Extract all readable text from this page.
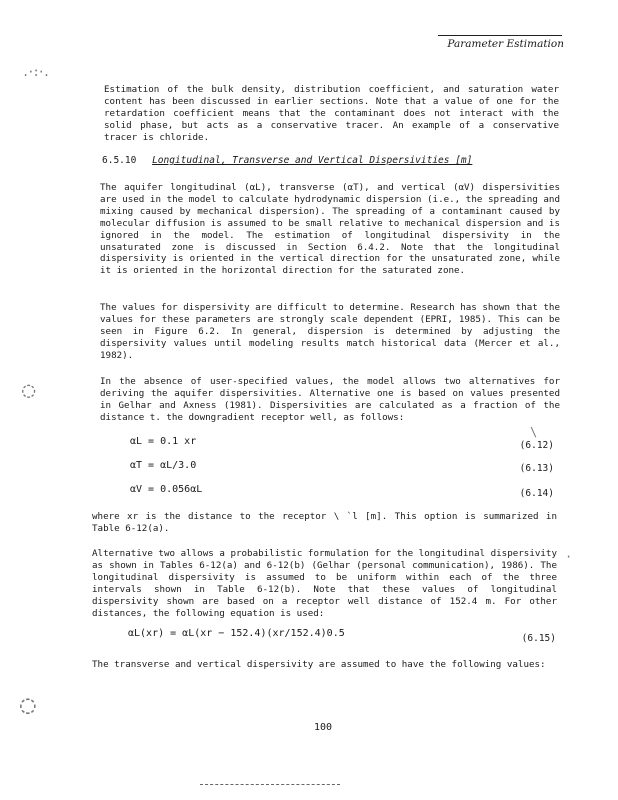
Parameter Estimation

Estimation of the bulk density, distribution coefficient, and saturation water content has been discussed in earlier sections. Note that a value of one for the retardation coefficient means that the contaminant does not interact with the solid phase, but acts as a conservative tracer. An example of a conservative tracer is chloride.

6.5.10 Longitudinal, Transverse and Vertical Dispersivities [m]

The aquifer longitudinal (αL), transverse (αT), and vertical (αV) dispersivities are used in the model to calculate hydrodynamic dispersion (i.e., the spreading and mixing caused by mechanical dispersion). The spreading of a contaminant caused by molecular diffusion is assumed to be small relative to mechanical dispersion and is ignored in the model. The estimation of longitudinal dispersivity in the unsaturated zone is discussed in Section 6.4.2. Note that the longitudinal dispersivity is oriented in the vertical direction for the unsaturated zone, while it is oriented in the horizontal direction for the saturated zone.

The values for dispersivity are difficult to determine. Research has shown that the values for these parameters are strongly scale dependent (EPRI, 1985). This can be seen in Figure 6.2. In general, dispersion is determined by adjusting the dispersivity values until modeling results match historical data (Mercer et al., 1982).

In the absence of user-specified values, the model allows two alternatives for deriving the aquifer dispersivities. Alternative one is based on values presented in Gelhar and Axness (1981). Dispersivities are calculated as a fraction of the distance t. the downgradient receptor well, as follows:

αL = 0.1 xr	(6.12)
αT = αL/3.0	(6.13)
αV = 0.056αL	(6.14)

where xr is the distance to the receptor \ `l [m]. This option is summarized in Table 6-12(a).

Alternative two allows a probabilistic formulation for the longitudinal dispersivity as shown in Tables 6-12(a) and 6-12(b) (Gelhar (personal communication), 1986). The longitudinal dispersivity is assumed to be uniform within each of the three intervals shown in Table 6-12(b). Note that these values of longitudinal dispersivity shown are based on a receptor well distance of 152.4 m. For other distances, the following equation is used:

αL(xr) = αL(xr − 152.4)(xr/152.4)0.5	(6.15)

The transverse and vertical dispersivity are assumed to have the following values:

100
.·:·.
◌
◌
·
\
